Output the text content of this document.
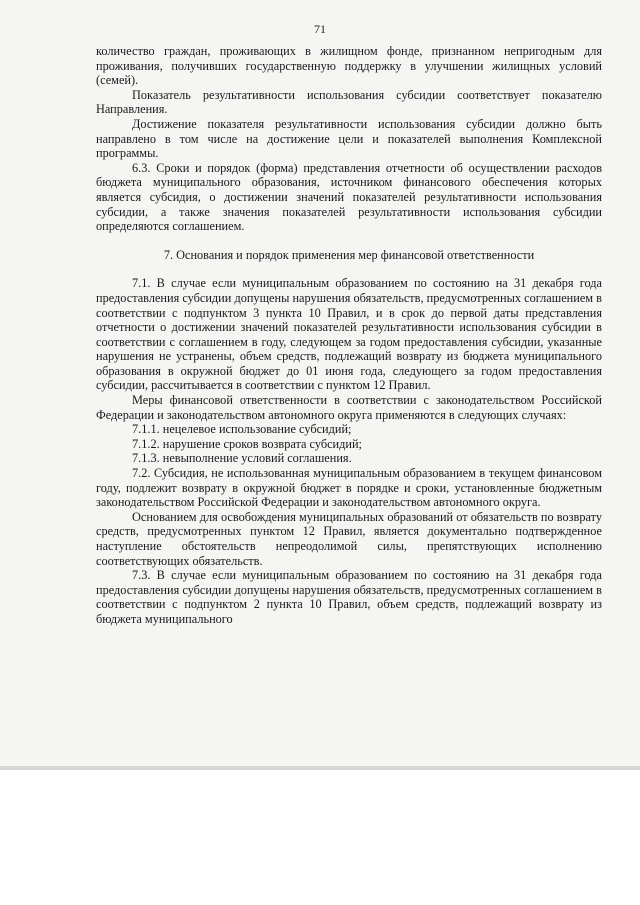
71

количество граждан, проживающих в жилищном фонде, признанном непригодным для проживания, получивших государственную поддержку в улучшении жилищных условий (семей).

Показатель результативности использования субсидии соответствует показателю Направления.

Достижение показателя результативности использования субсидии должно быть направлено в том числе на достижение цели и показателей выполнения Комплексной программы.

6.3. Сроки и порядок (форма) представления отчетности об осуществлении расходов бюджета муниципального образования, источником финансового обеспечения которых является субсидия, о достижении значений показателей результативности использования субсидии, а также значения показателей результативности использования субсидии определяются соглашением.

7. Основания и порядок применения мер финансовой ответственности

7.1. В случае если муниципальным образованием по состоянию на 31 декабря года предоставления субсидии допущены нарушения обязательств, предусмотренных соглашением в соответствии с подпунктом 3 пункта 10 Правил, и в срок до первой даты представления отчетности о достижении значений показателей результативности использования субсидии в соответствии с соглашением в году, следующем за годом предоставления субсидии, указанные нарушения не устранены, объем средств, подлежащий возврату из бюджета муниципального образования в окружной бюджет до 01 июня года, следующего за годом предоставления субсидии, рассчитывается в соответствии с пунктом 12 Правил.

Меры финансовой ответственности в соответствии с законодательством Российской Федерации и законодательством автономного округа применяются в следующих случаях:

7.1.1. нецелевое использование субсидий;

7.1.2. нарушение сроков возврата субсидий;

7.1.3. невыполнение условий соглашения.

7.2. Субсидия, не использованная муниципальным образованием в текущем финансовом году, подлежит возврату в окружной бюджет в порядке и сроки, установленные бюджетным законодательством Российской Федерации и законодательством автономного округа.

Основанием для освобождения муниципальных образований от обязательств по возврату средств, предусмотренных пунктом 12 Правил, является документально подтвержденное наступление обстоятельств непреодолимой силы, препятствующих исполнению соответствующих обязательств.

7.3. В случае если муниципальным образованием по состоянию на 31 декабря года предоставления субсидии допущены нарушения обязательств, предусмотренных соглашением в соответствии с подпунктом 2 пункта 10 Правил, объем средств, подлежащий возврату из бюджета муниципального
